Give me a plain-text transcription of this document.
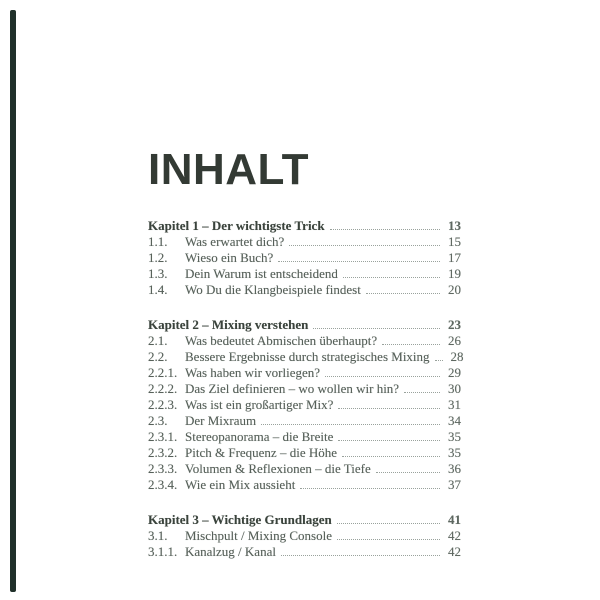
INHALT
Kapitel 1 – Der wichtigste Trick	13
1.1.	Was erwartet dich?	15
1.2.	Wieso ein Buch?	17
1.3.	Dein Warum ist entscheidend	19
1.4.	Wo Du die Klangbeispiele findest	20
Kapitel 2 – Mixing verstehen	23
2.1.	Was bedeutet Abmischen überhaupt?	26
2.2.	Bessere Ergebnisse durch strategisches Mixing 28
2.2.1. Was haben wir vorliegen?	29
2.2.2. Das Ziel definieren – wo wollen wir hin?	30
2.2.3. Was ist ein großartiger Mix?	31
2.3.	Der Mixraum	34
2.3.1. Stereopanorama – die Breite	35
2.3.2. Pitch & Frequenz – die Höhe	35
2.3.3. Volumen & Reflexionen – die Tiefe	36
2.3.4. Wie ein Mix aussieht	37
Kapitel 3 – Wichtige Grundlagen	41
3.1.	Mischpult / Mixing Console	42
3.1.1. Kanalzug / Kanal	42
